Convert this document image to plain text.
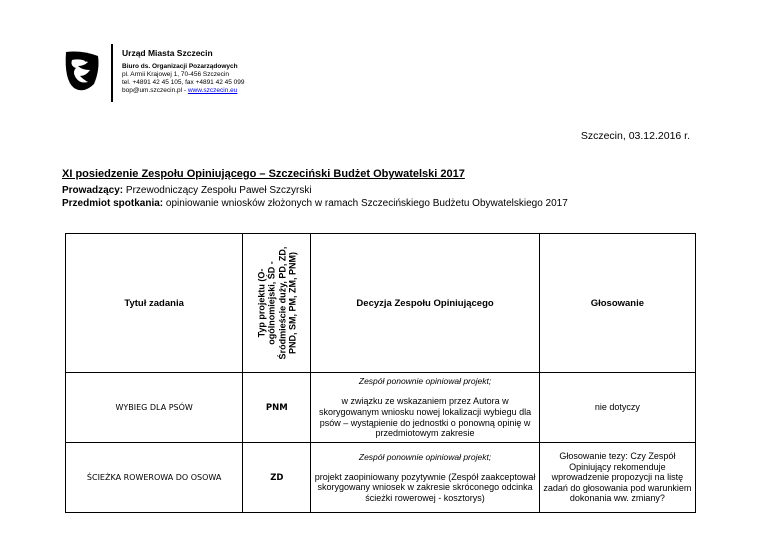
Urząd Miasta Szczecin
Biuro ds. Organizacji Pozarządowych
pl. Armii Krajowej 1, 70-456 Szczecin
tel. +4891 42 45 105, fax +4891 42 45 099
bop@um.szczecin.pl - www.szczecin.eu
Szczecin, 03.12.2016 r.
XI posiedzenie Zespołu Opiniującego – Szczeciński Budżet Obywatelski 2017
Prowadzący: Przewodniczący Zespołu Paweł Szczyrski
Przedmiot spotkania: opiniowanie wniosków złożonych w ramach Szczecińskiego Budżetu Obywatelskiego 2017
Tytuł zadania	Typ projektu (O- ogólnomiejski, ŚD - Śródmieście duży, PD, ZD, PND, SM, PM, ZM, PNM)	Decyzja Zespołu Opiniującego	Głosowanie
WYBIEG DLA PSÓW	PNM	Zespół ponownie opiniował projekt;
w związku ze wskazaniem przez Autora w skorygowanym wniosku nowej lokalizacji wybiegu dla psów – wystąpienie do jednostki o ponowną opinię w przedmiotowym zakresie	nie dotyczy
ŚCIEŻKA ROWEROWA DO OSOWA	ZD	Zespół ponownie opiniował projekt;
projekt zaopiniowany pozytywnie (Zespół zaakceptował skorygowany wniosek w zakresie skróconego odcinka ścieżki rowerowej - kosztorys)	Głosowanie tezy: Czy Zespół Opiniujący rekomenduje wprowadzenie propozycji na listę zadań do głosowania pod warunkiem dokonania ww. zmiany?
